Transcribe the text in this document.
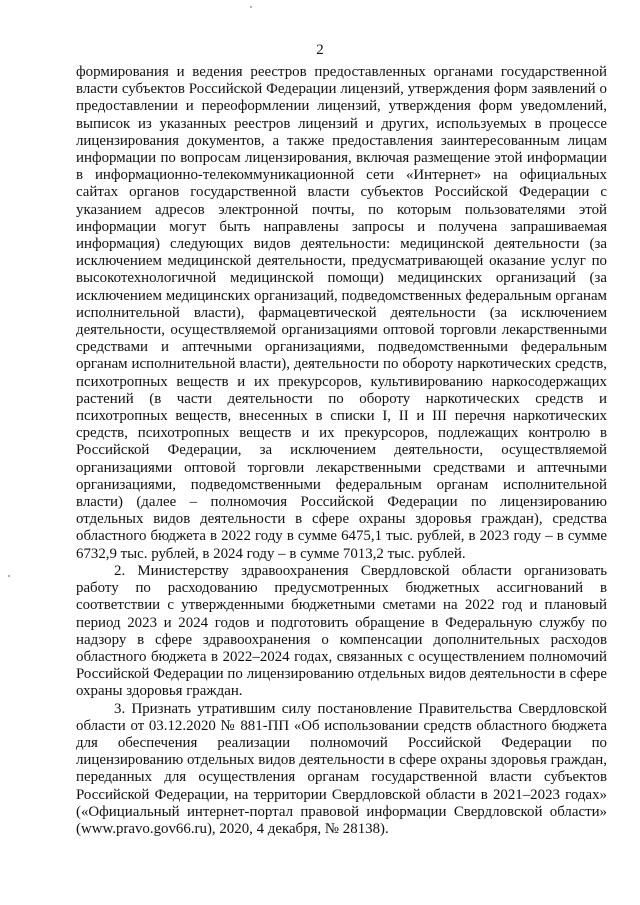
2

формирования и ведения реестров предоставленных органами государственной власти субъектов Российской Федерации лицензий, утверждения форм заявлений о предоставлении и переоформлении лицензий, утверждения форм уведомлений, выписок из указанных реестров лицензий и других, используемых в процессе лицензирования документов, а также предоставления заинтересованным лицам информации по вопросам лицензирования, включая размещение этой информации в информационно-телекоммуникационной сети «Интернет» на официальных сайтах органов государственной власти субъектов Российской Федерации с указанием адресов электронной почты, по которым пользователями этой информации могут быть направлены запросы и получена запрашиваемая информация) следующих видов деятельности: медицинской деятельности (за исключением медицинской деятельности, предусматривающей оказание услуг по высокотехнологичной медицинской помощи) медицинских организаций (за исключением медицинских организаций, подведомственных федеральным органам исполнительной власти), фармацевтической деятельности (за исключением деятельности, осуществляемой организациями оптовой торговли лекарственными средствами и аптечными организациями, подведомственными федеральным органам исполнительной власти), деятельности по обороту наркотических средств, психотропных веществ и их прекурсоров, культивированию наркосодержащих растений (в части деятельности по обороту наркотических средств и психотропных веществ, внесенных в списки I, II и III перечня наркотических средств, психотропных веществ и их прекурсоров, подлежащих контролю в Российской Федерации, за исключением деятельности, осуществляемой организациями оптовой торговли лекарственными средствами и аптечными организациями, подведомственными федеральным органам исполнительной власти) (далее – полномочия Российской Федерации по лицензированию отдельных видов деятельности в сфере охраны здоровья граждан), средства областного бюджета в 2022 году в сумме 6475,1 тыс. рублей, в 2023 году – в сумме 6732,9 тыс. рублей, в 2024 году – в сумме 7013,2 тыс. рублей.

2. Министерству здравоохранения Свердловской области организовать работу по расходованию предусмотренных бюджетных ассигнований в соответствии с утвержденными бюджетными сметами на 2022 год и плановый период 2023 и 2024 годов и подготовить обращение в Федеральную службу по надзору в сфере здравоохранения о компенсации дополнительных расходов областного бюджета в 2022–2024 годах, связанных с осуществлением полномочий Российской Федерации по лицензированию отдельных видов деятельности в сфере охраны здоровья граждан.

3. Признать утратившим силу постановление Правительства Свердловской области от 03.12.2020 № 881-ПП «Об использовании средств областного бюджета для обеспечения реализации полномочий Российской Федерации по лицензированию отдельных видов деятельности в сфере охраны здоровья граждан, переданных для осуществления органам государственной власти субъектов Российской Федерации, на территории Свердловской области в 2021–2023 годах» («Официальный интернет-портал правовой информации Свердловской области» (www.pravo.gov66.ru), 2020, 4 декабря, № 28138).
